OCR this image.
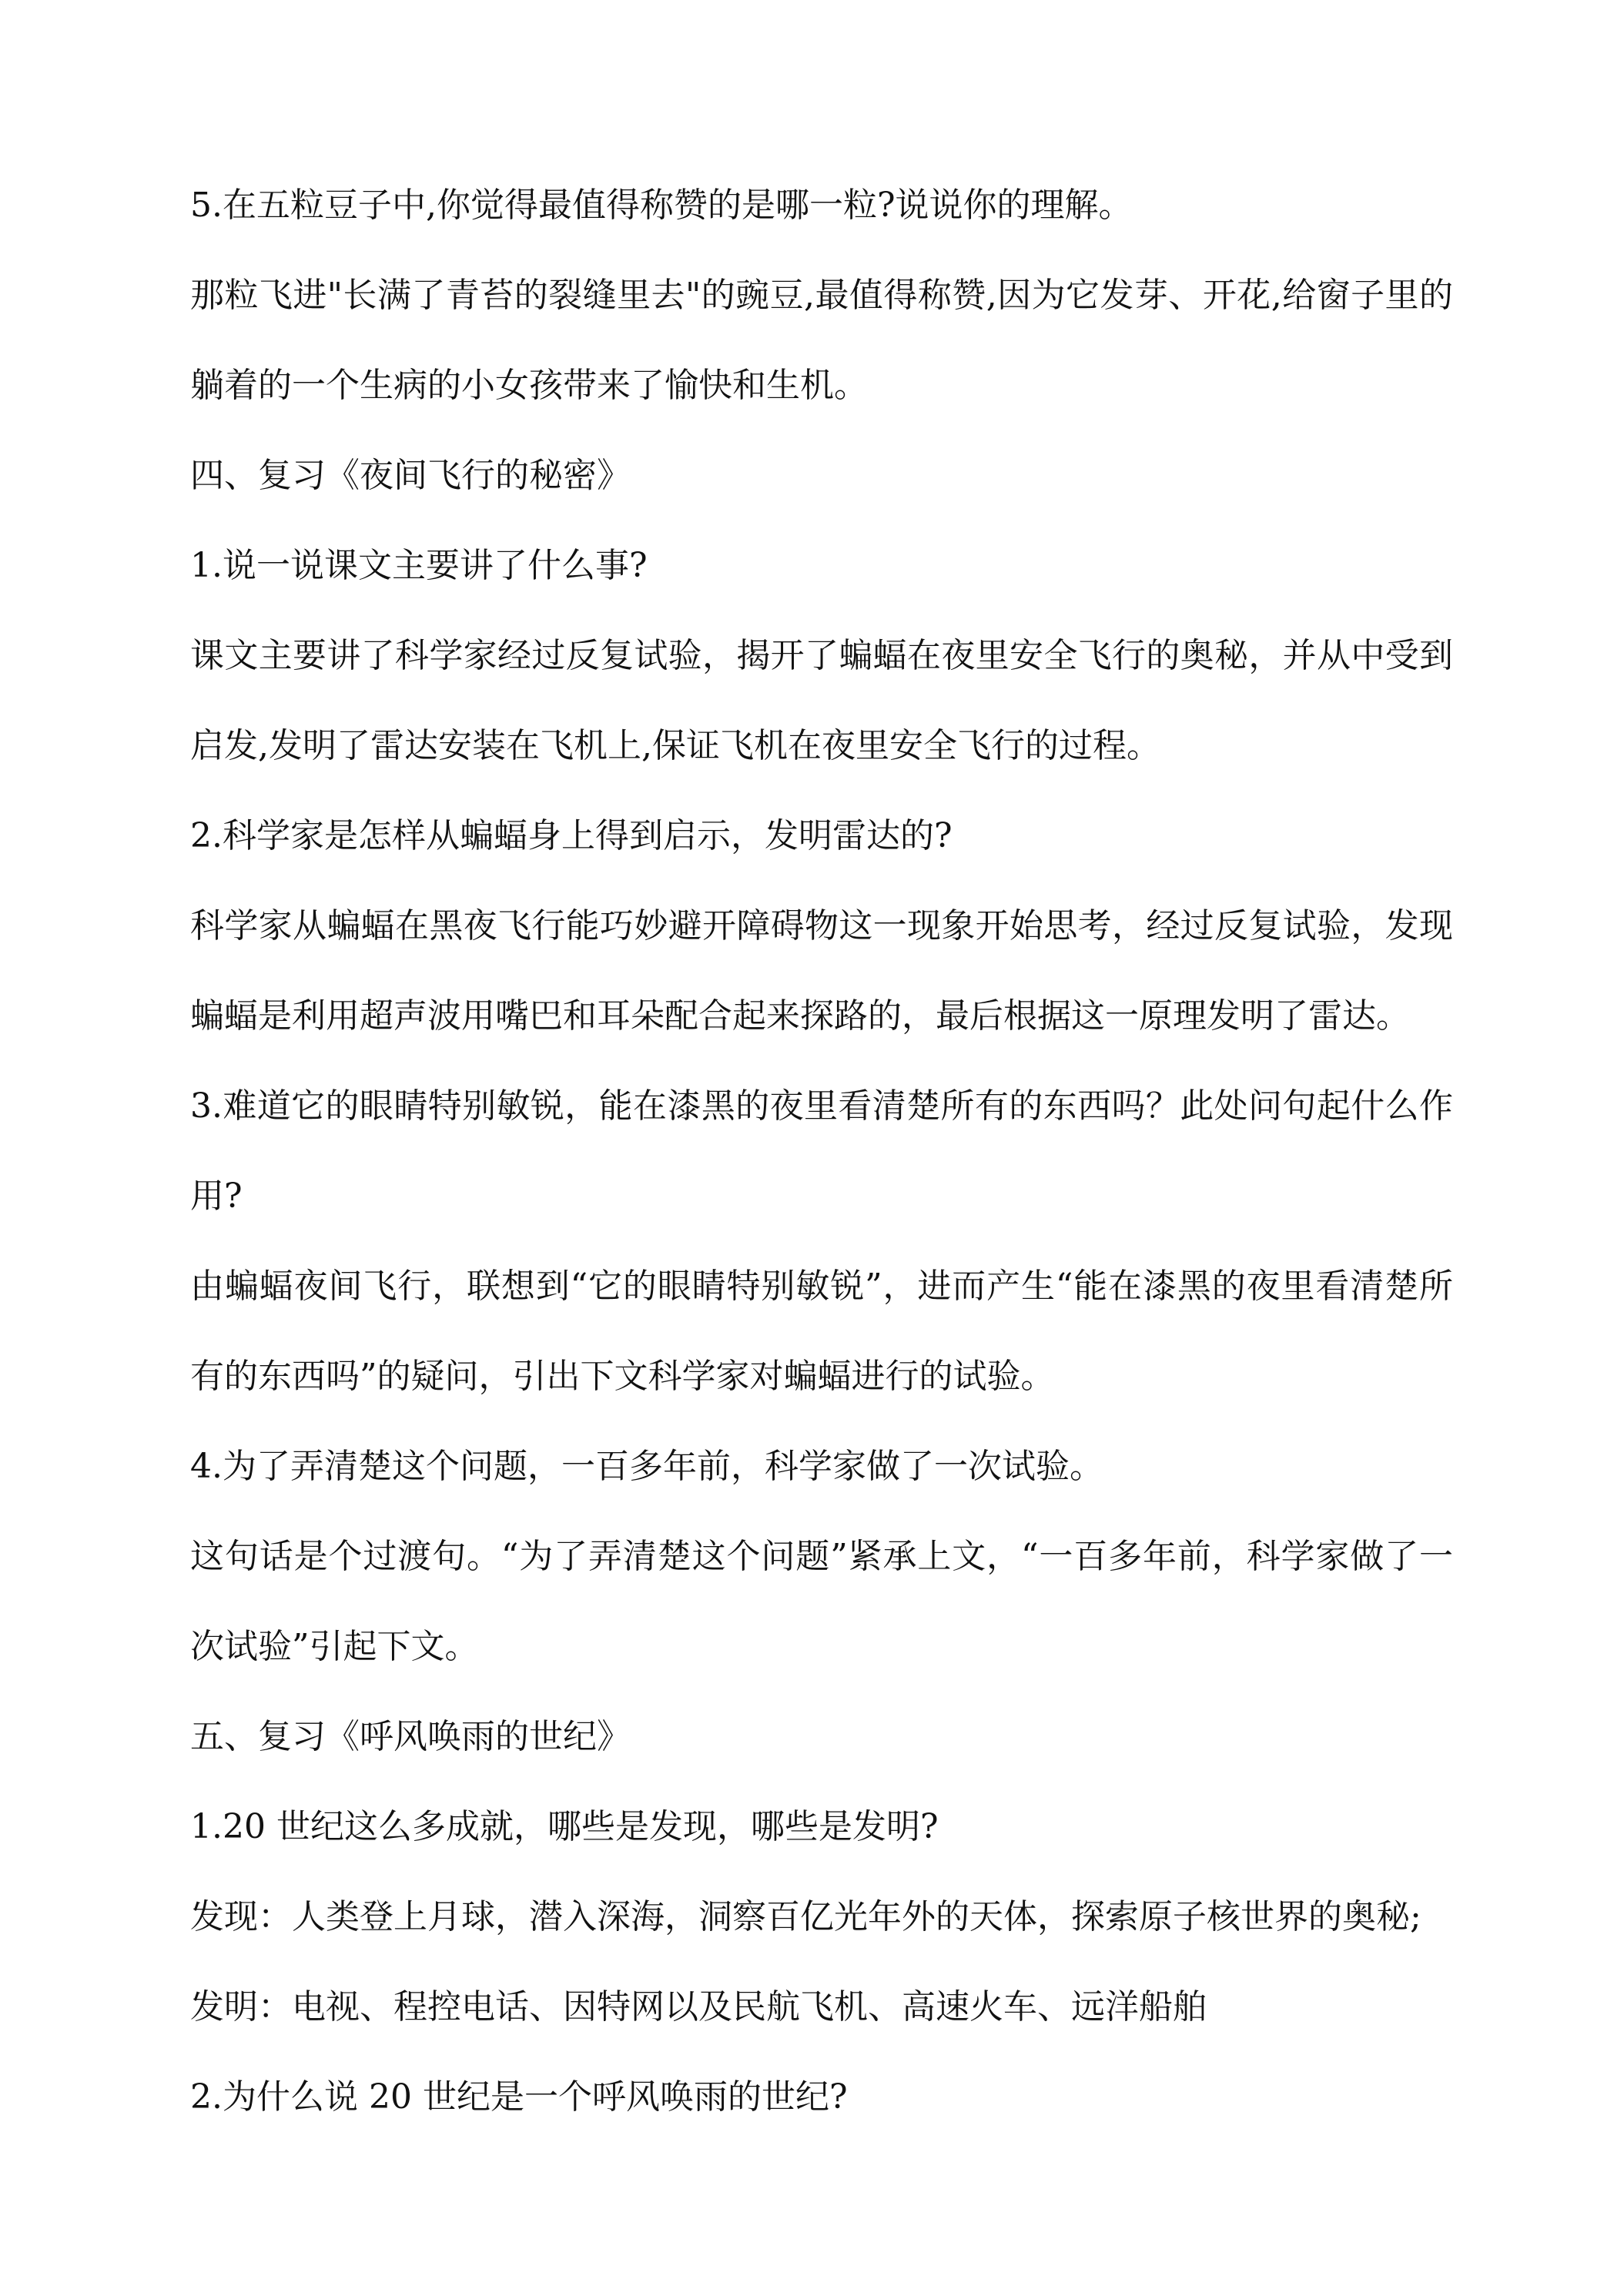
5.在五粒豆子中,你觉得最值得称赞的是哪一粒?说说你的理解。

那粒飞进"长满了青苔的裂缝里去"的豌豆,最值得称赞,因为它发芽、开花,给窗子里的躺着的一个生病的小女孩带来了愉快和生机。

四、复习《夜间飞行的秘密》

1.说一说课文主要讲了什么事?

课文主要讲了科学家经过反复试验，揭开了蝙蝠在夜里安全飞行的奥秘，并从中受到启发,发明了雷达安装在飞机上,保证飞机在夜里安全飞行的过程。

2.科学家是怎样从蝙蝠身上得到启示，发明雷达的?

科学家从蝙蝠在黑夜飞行能巧妙避开障碍物这一现象开始思考，经过反复试验，发现蝙蝠是利用超声波用嘴巴和耳朵配合起来探路的，最后根据这一原理发明了雷达。

3.难道它的眼睛特别敏锐，能在漆黑的夜里看清楚所有的东西吗？此处问句起什么作用?

由蝙蝠夜间飞行，联想到“它的眼睛特别敏锐”，进而产生“能在漆黑的夜里看清楚所有的东西吗”的疑问，引出下文科学家对蝙蝠进行的试验。

4.为了弄清楚这个问题，一百多年前，科学家做了一次试验。

这句话是个过渡句。“为了弄清楚这个问题”紧承上文，“一百多年前，科学家做了一次试验”引起下文。

五、复习《呼风唤雨的世纪》

1.20 世纪这么多成就，哪些是发现，哪些是发明?

发现：人类登上月球，潜入深海，洞察百亿光年外的天体，探索原子核世界的奥秘;

发明：电视、程控电话、因特网以及民航飞机、高速火车、远洋船舶

2.为什么说 20 世纪是一个呼风唤雨的世纪?
